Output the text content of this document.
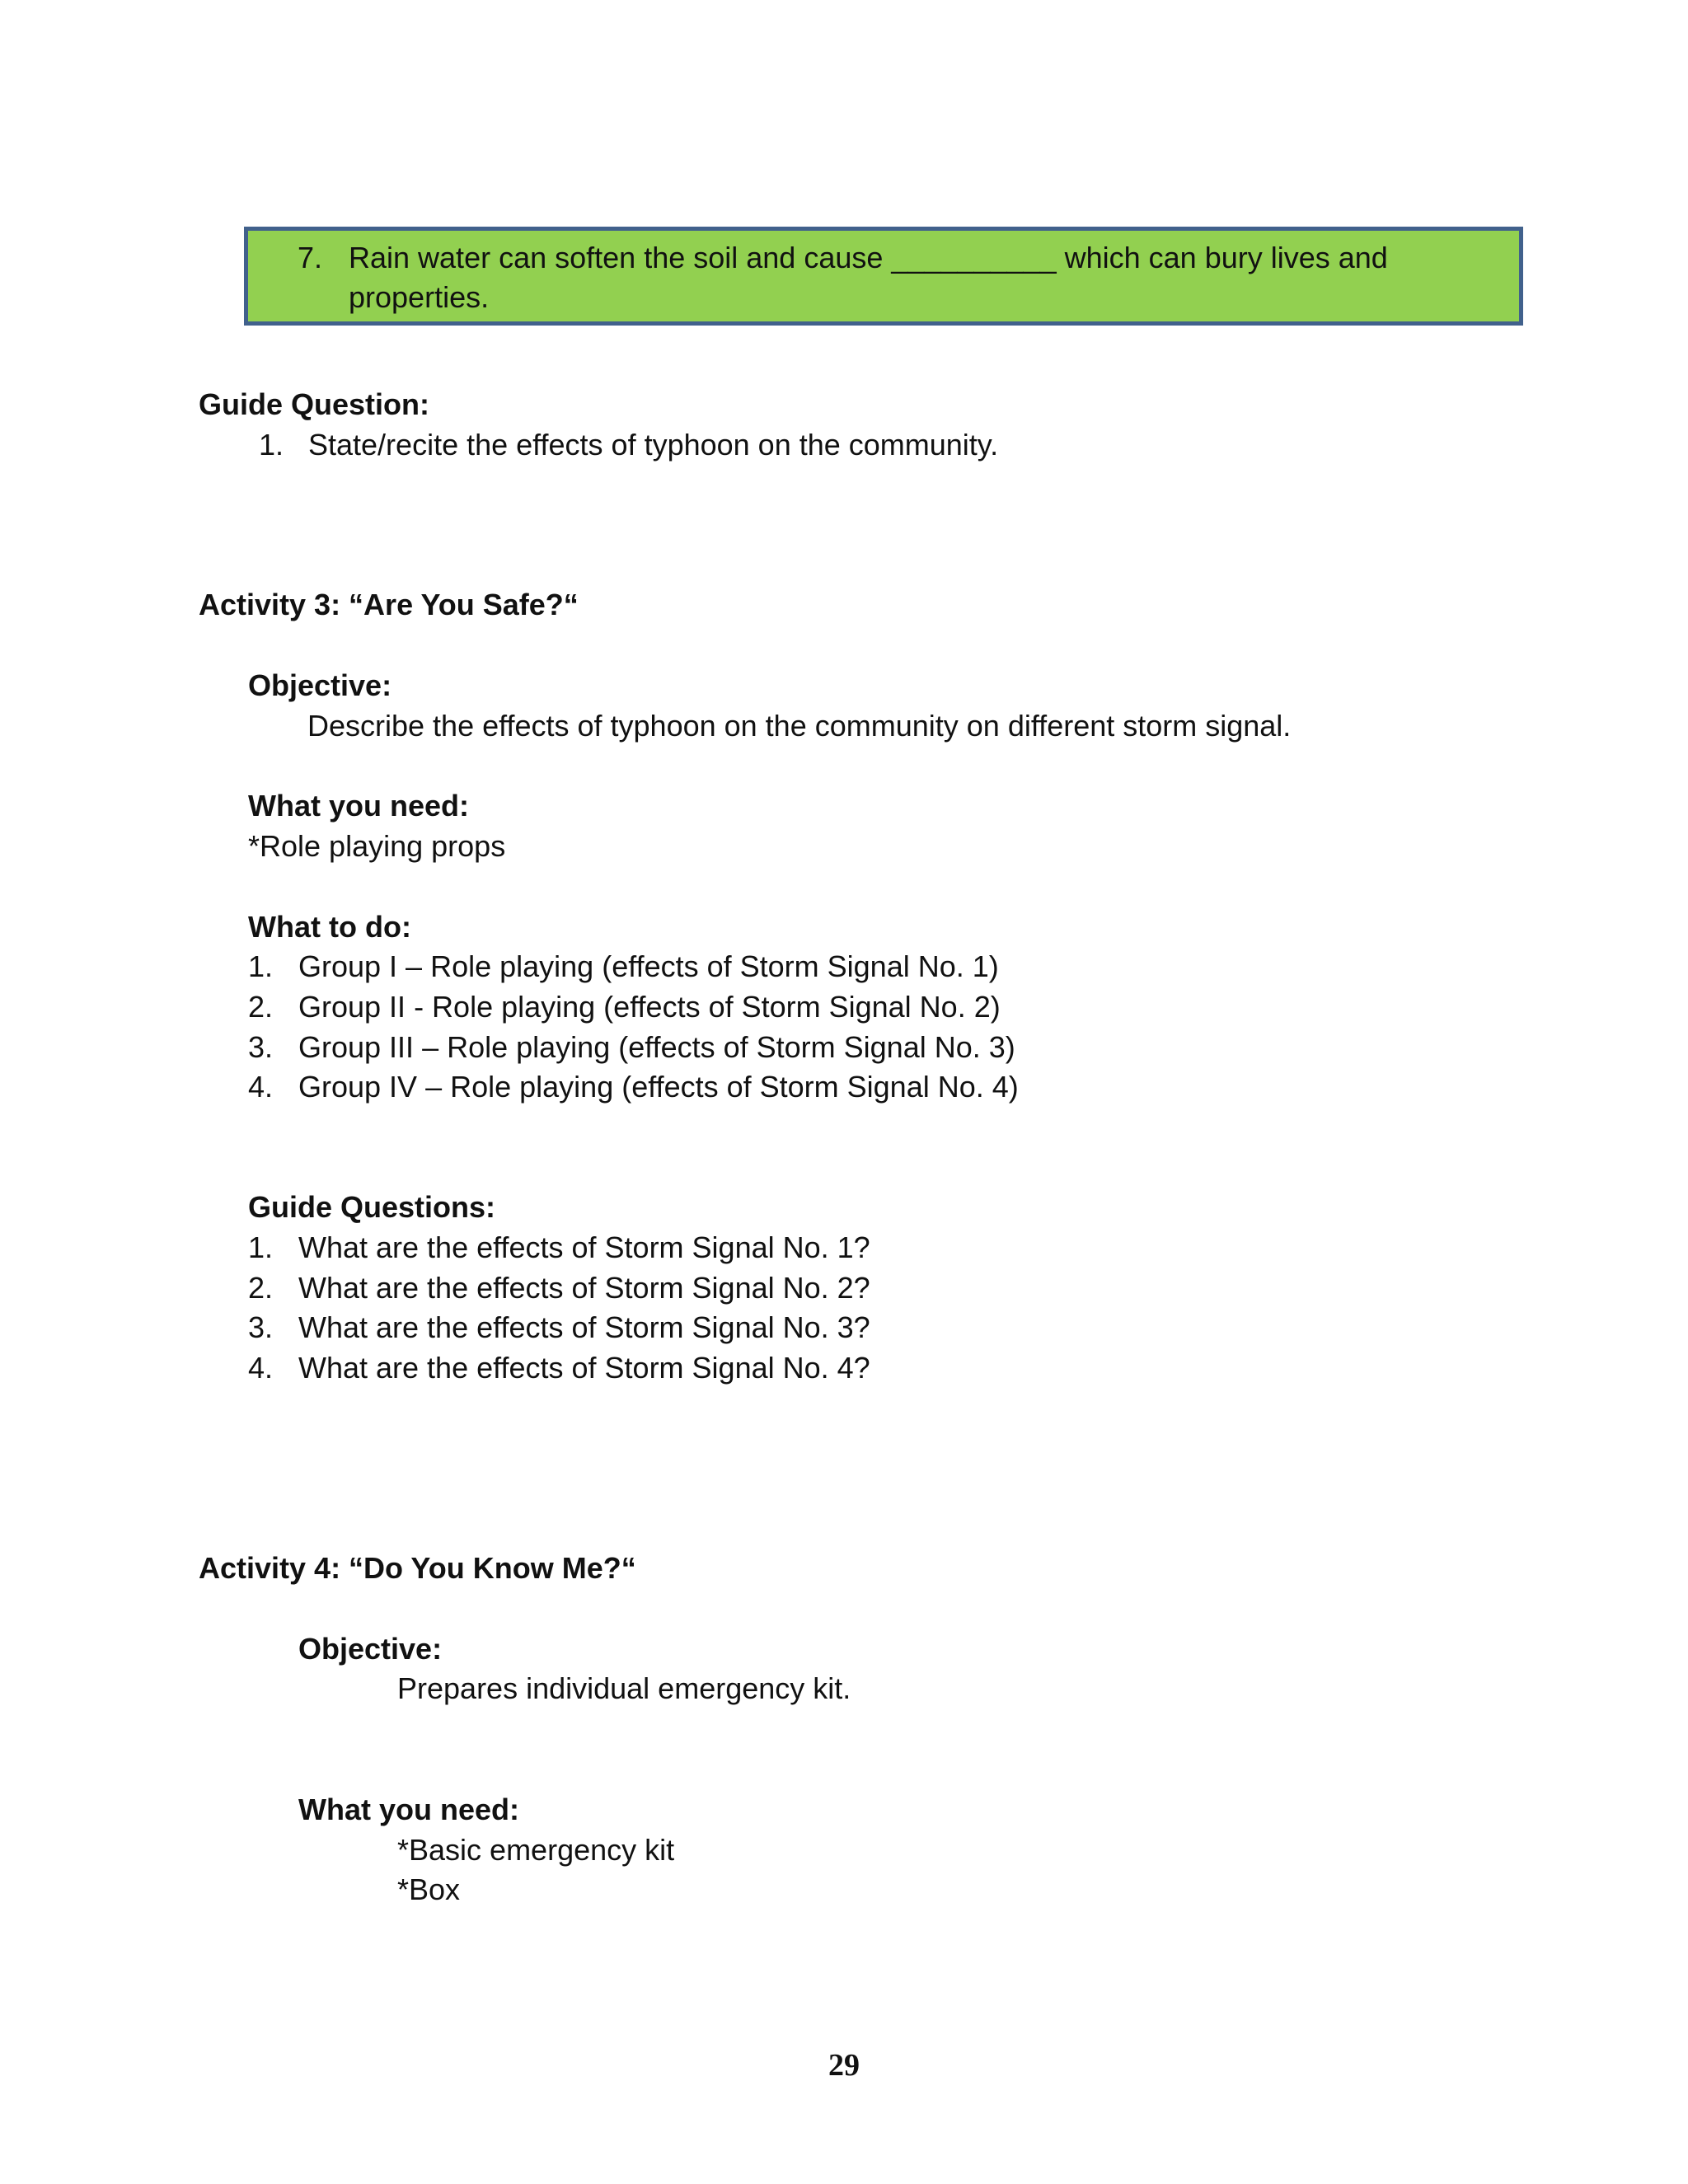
7. Rain water can soften the soil and cause __________ which can bury lives and
properties.
Guide Question:
1. State/recite the effects of typhoon on the community.
Activity 3: “Are You Safe?“
Objective:
Describe the effects of typhoon on the community on different storm signal.
What you need:
*Role playing props
What to do:
1. Group I – Role playing (effects of Storm Signal No. 1)
2. Group II - Role playing (effects of Storm Signal No. 2)
3. Group III – Role playing (effects of Storm Signal No. 3)
4. Group IV – Role playing (effects of Storm Signal No. 4)
Guide Questions:
1. What are the effects of Storm Signal No. 1?
2. What are the effects of Storm Signal No. 2?
3. What are the effects of Storm Signal No. 3?
4. What are the effects of Storm Signal No. 4?
Activity 4: “Do You Know Me?“
Objective:
Prepares individual emergency kit.
What you need:
*Basic emergency kit
*Box
29
